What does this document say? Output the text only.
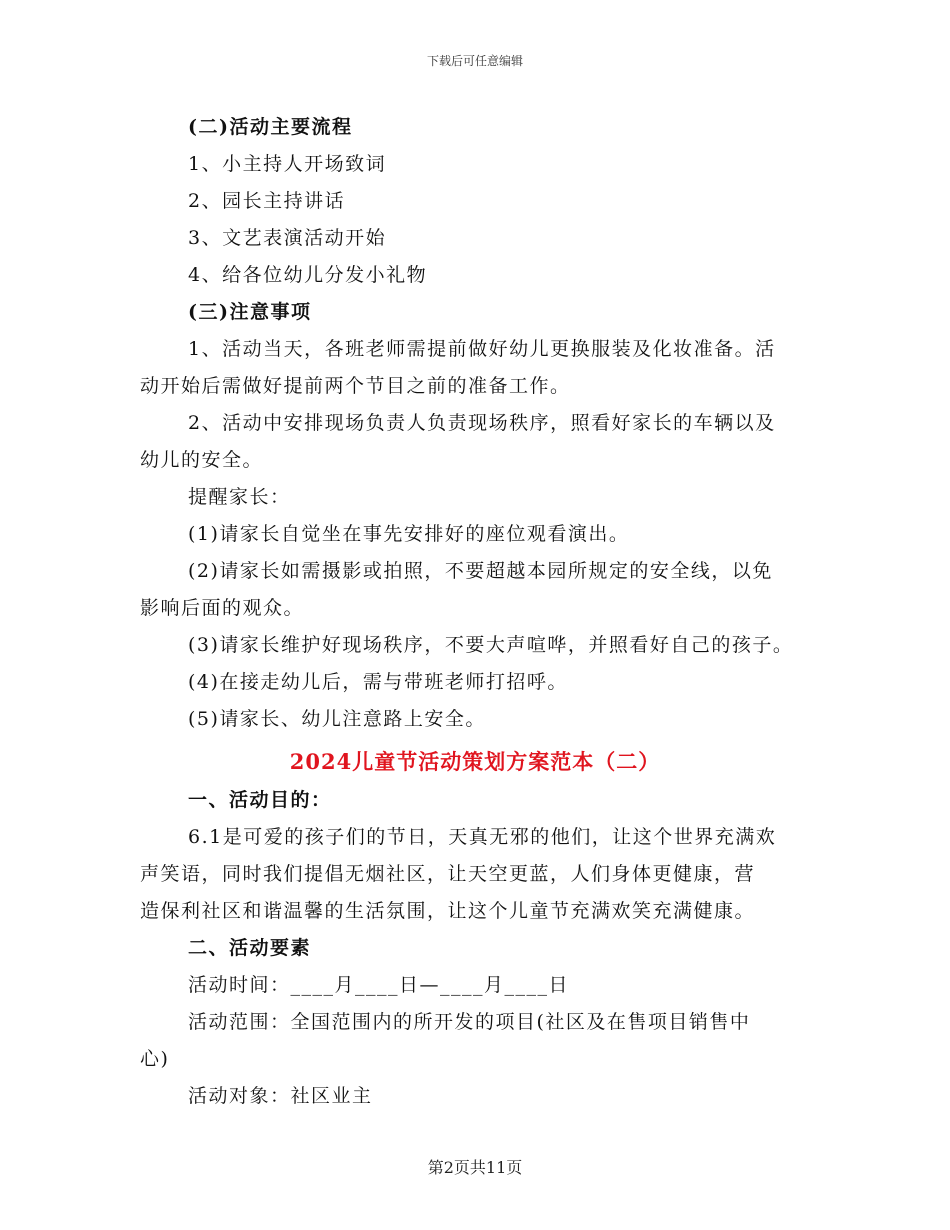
下载后可任意编辑
(二)活动主要流程
1、小主持人开场致词
2、园长主持讲话
3、文艺表演活动开始
4、给各位幼儿分发小礼物
(三)注意事项
1、活动当天，各班老师需提前做好幼儿更换服装及化妆准备。活
动开始后需做好提前两个节目之前的准备工作。
2、活动中安排现场负责人负责现场秩序，照看好家长的车辆以及
幼儿的安全。
提醒家长：
(1)请家长自觉坐在事先安排好的座位观看演出。
(2)请家长如需摄影或拍照，不要超越本园所规定的安全线，以免
影响后面的观众。
(3)请家长维护好现场秩序，不要大声喧哗，并照看好自己的孩子。
(4)在接走幼儿后，需与带班老师打招呼。
(5)请家长、幼儿注意路上安全。
2024儿童节活动策划方案范本（二）
一、活动目的：
6.1是可爱的孩子们的节日，天真无邪的他们，让这个世界充满欢
声笑语，同时我们提倡无烟社区，让天空更蓝，人们身体更健康，营
造保利社区和谐温馨的生活氛围，让这个儿童节充满欢笑充满健康。
二、活动要素
活动时间：____月____日—____月____日
活动范围：全国范围内的所开发的项目(社区及在售项目销售中
心)
活动对象：社区业主
第2页共11页
